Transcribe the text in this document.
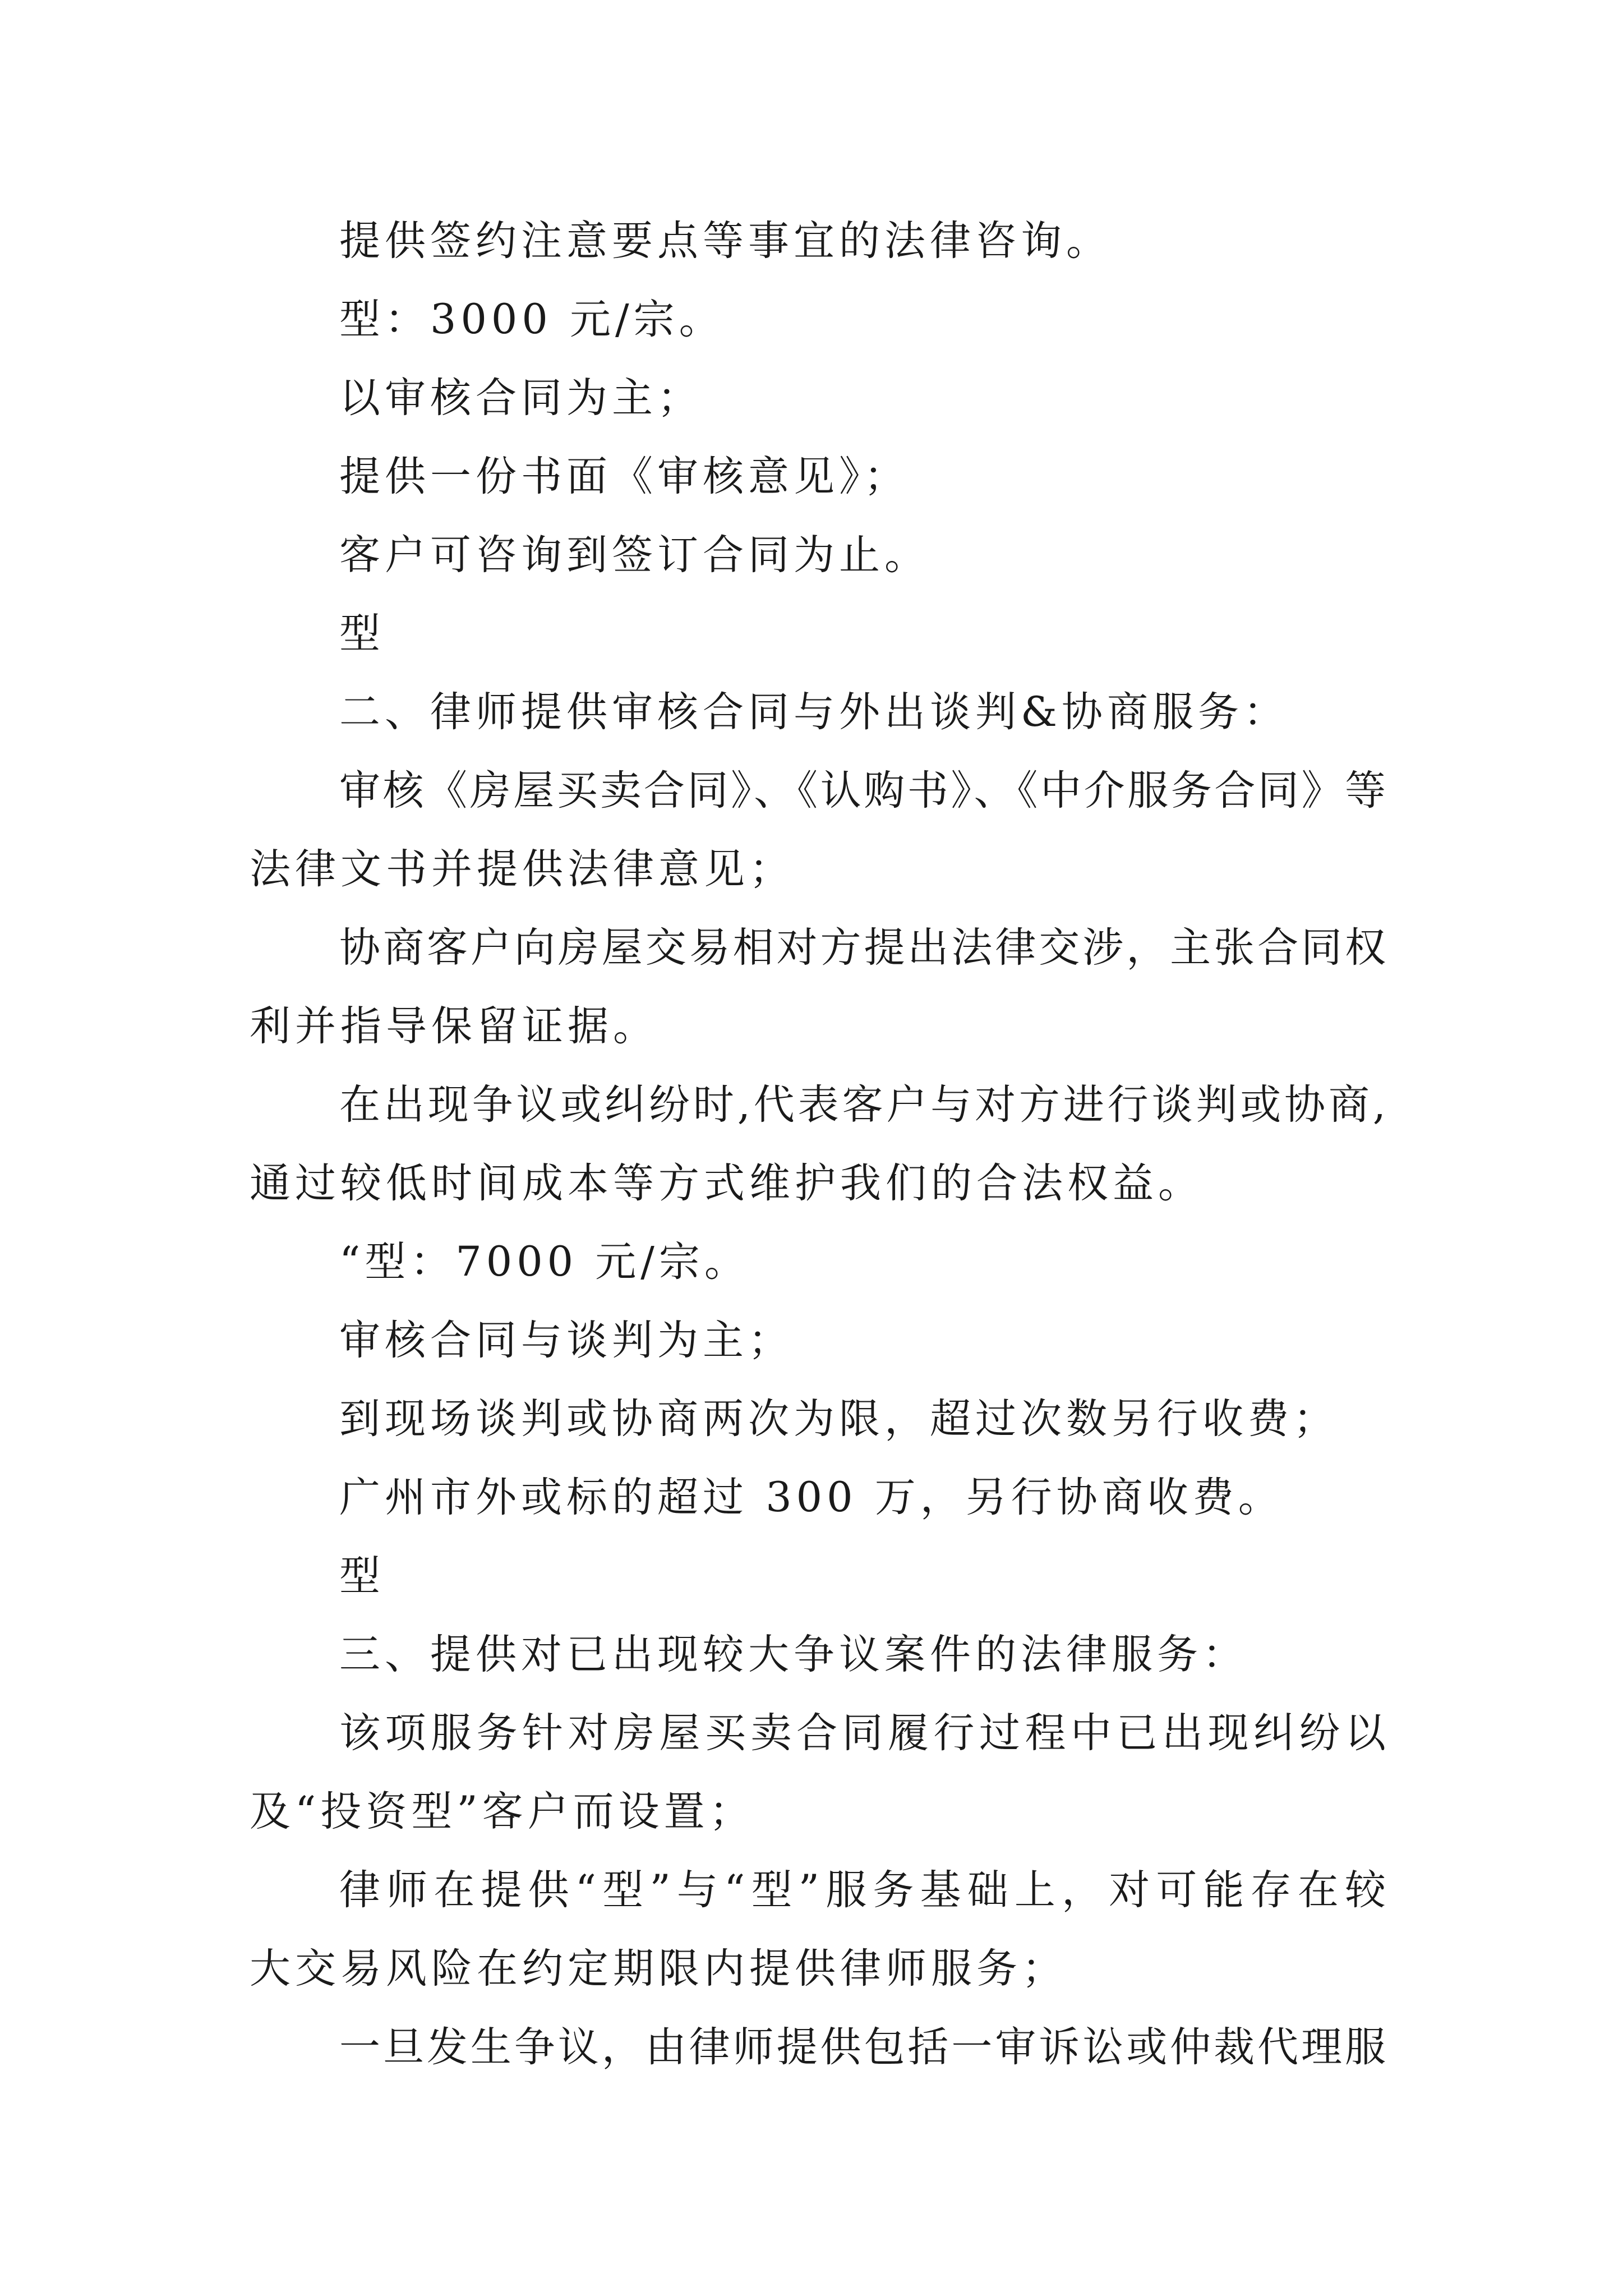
提供签约注意要点等事宜的法律咨询。
型：3000 元/宗。
以审核合同为主；
提供一份书面《审核意见》；
客户可咨询到签订合同为止。
型
二、律师提供审核合同与外出谈判&协商服务：
审核《房屋买卖合同》、《认购书》、《中介服务合同》等
法律文书并提供法律意见；
协商客户向房屋交易相对方提出法律交涉，主张合同权
利并指导保留证据。
在出现争议或纠纷时,代表客户与对方进行谈判或协商,
通过较低时间成本等方式维护我们的合法权益。
“型：7000 元/宗。
审核合同与谈判为主；
到现场谈判或协商两次为限，超过次数另行收费；
广州市外或标的超过 300 万，另行协商收费。
型
三、提供对已出现较大争议案件的法律服务：
该项服务针对房屋买卖合同履行过程中已出现纠纷以
及“投资型”客户而设置；
律师在提供“型”与“型”服务基础上，对可能存在较
大交易风险在约定期限内提供律师服务；
一旦发生争议，由律师提供包括一审诉讼或仲裁代理服
